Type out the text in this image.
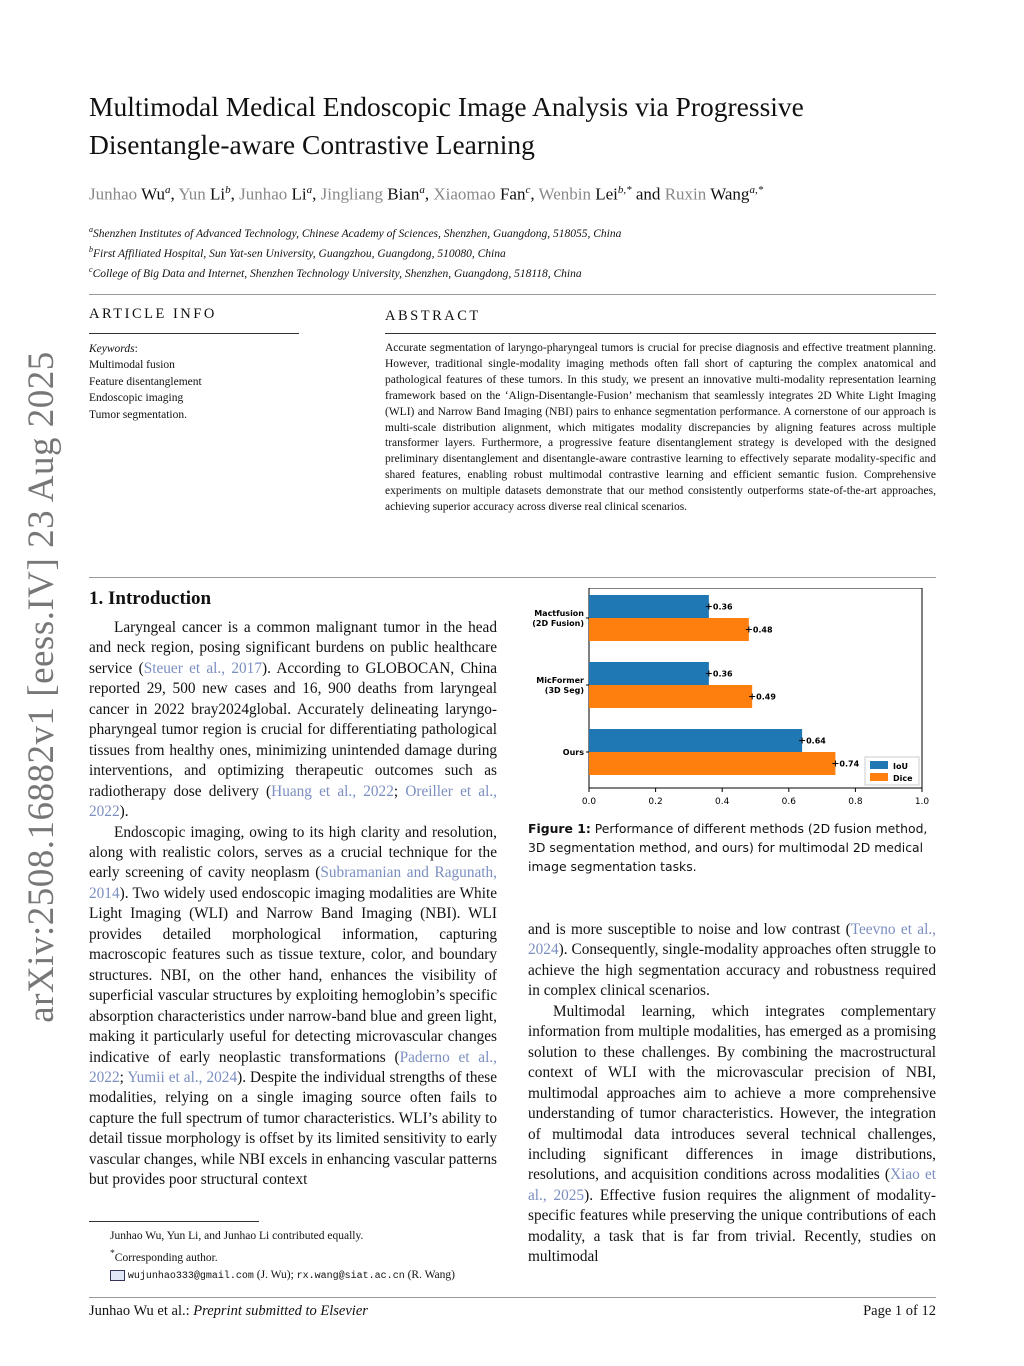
arXiv:2508.16882v1 [eess.IV] 23 Aug 2025
Multimodal Medical Endoscopic Image Analysis via Progressive
Disentangle-aware Contrastive Learning
Junhao Wu$^a$, Yun Li$^b$, Junhao Li$^a$, Jingliang Bian$^a$, Xiaomao Fan$^c$, Wenbin Lei$^{b,*}$ and Ruxin Wang$^{a,*}$
$^a$Shenzhen Institutes of Advanced Technology, Chinese Academy of Sciences, Shenzhen, Guangdong, 518055, China
$^b$First Affiliated Hospital, Sun Yat-sen University, Guangzhou, Guangdong, 510080, China
$^c$College of Big Data and Internet, Shenzhen Technology University, Shenzhen, Guangdong, 518118, China
ARTICLE INFO
Keywords:
Multimodal fusion
Feature disentanglement
Endoscopic imaging
Tumor segmentation.
ABSTRACT
Accurate segmentation of laryngo-pharyngeal tumors is crucial for precise diagnosis and effective treatment planning. However, traditional single-modality imaging methods often fall short of capturing the complex anatomical and pathological features of these tumors. In this study, we present an innovative multi-modality representation learning framework based on the ‘Align-Disentangle-Fusion’ mechanism that seamlessly integrates 2D White Light Imaging (WLI) and Narrow Band Imaging (NBI) pairs to enhance segmentation performance. A cornerstone of our approach is multi-scale distribution alignment, which mitigates modality discrepancies by aligning features across multiple transformer layers. Furthermore, a progressive feature disentanglement strategy is developed with the designed preliminary disentanglement and disentangle-aware contrastive learning to effectively separate modality-specific and shared features, enabling robust multimodal contrastive learning and efficient semantic fusion. Comprehensive experiments on multiple datasets demonstrate that our method consistently outperforms state-of-the-art approaches, achieving superior accuracy across diverse real clinical scenarios.
1. Introduction

Laryngeal cancer is a common malignant tumor in the head and neck region, posing significant burdens on public healthcare service (Steuer et al., 2017). According to GLOBOCAN, China reported 29, 500 new cases and 16, 900 deaths from laryngeal cancer in 2022 bray2024global. Accurately delineating laryngo-pharyngeal tumor region is crucial for differentiating pathological tissues from healthy ones, minimizing unintended damage during interventions, and optimizing therapeutic outcomes such as radiotherapy dose delivery (Huang et al., 2022; Oreiller et al., 2022).

Endoscopic imaging, owing to its high clarity and resolution, along with realistic colors, serves as a crucial technique for the early screening of cavity neoplasm (Subramanian and Ragunath, 2014). Two widely used endoscopic imaging modalities are White Light Imaging (WLI) and Narrow Band Imaging (NBI). WLI provides detailed morphological information, capturing macroscopic features such as tissue texture, color, and boundary structures. NBI, on the other hand, enhances the visibility of superficial vascular structures by exploiting hemoglobin’s specific absorption characteristics under narrow-band blue and green light, making it particularly useful for detecting microvascular changes indicative of early neoplastic transformations (Paderno et al., 2022; Yumii et al., 2024). Despite the individual strengths of these modalities, relying on a single imaging source often fails to capture the full spectrum of tumor characteristics. WLI’s ability to detail tissue morphology is offset by its limited sensitivity to early vascular changes, while NBI excels in enhancing vascular patterns but provides poor structural context

0.0	0.2	0.4	0.6	0.8	1.0
0.36
0.48
Mactfusion
(2D Fusion)
0.36
0.49
MicFormer
(3D Seg)
0.64
0.74
Ours
IoU
Dice
Figure 1: Performance of different methods (2D fusion method, 3D segmentation method, and ours) for multimodal 2D medical image segmentation tasks.

and is more susceptible to noise and low contrast (Teevno et al., 2024). Consequently, single-modality approaches often struggle to achieve the high segmentation accuracy and robustness required in complex clinical scenarios.

Multimodal learning, which integrates complementary information from multiple modalities, has emerged as a promising solution to these challenges. By combining the macrostructural context of WLI with the microvascular precision of NBI, multimodal approaches aim to achieve a more comprehensive understanding of tumor characteristics. However, the integration of multimodal data introduces several technical challenges, including significant differences in image distributions, resolutions, and acquisition conditions across modalities (Xiao et al., 2025). Effective fusion requires the alignment of modality-specific features while preserving the unique contributions of each modality, a task that is far from trivial. Recently, studies on multimodal

Junhao Wu, Yun Li, and Junhao Li contributed equally.
*Corresponding author.
wujunhao333@gmail.com (J. Wu); rx.wang@siat.ac.cn (R. Wang)
Junhao Wu et al.: Preprint submitted to Elsevier	Page 1 of 12
